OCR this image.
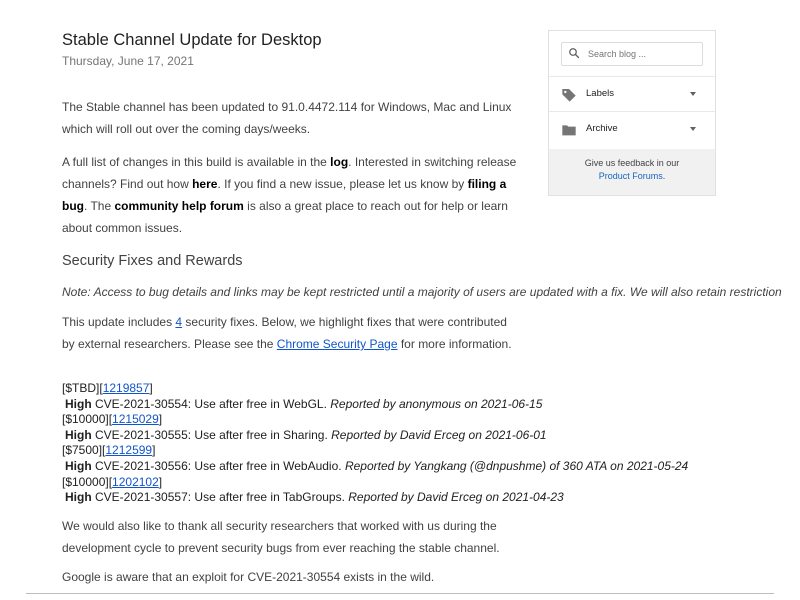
Stable Channel Update for Desktop
Thursday, June 17, 2021

The Stable channel has been updated to 91.0.4472.114 for Windows, Mac and Linux
which will roll out over the coming days/weeks.

A full list of changes in this build is available in the log. Interested in switching release
channels? Find out how here. If you find a new issue, please let us know by filing a
bug. The community help forum is also a great place to reach out for help or learn
about common issues.

Security Fixes and Rewards
Note: Access to bug details and links may be kept restricted until a majority of users are updated with a fix. We will also retain restriction

This update includes 4 security fixes. Below, we highlight fixes that were contributed
by external researchers. Please see the Chrome Security Page for more information.

[$TBD][1219857]
High CVE-2021-30554: Use after free in WebGL. Reported by anonymous on 2021-06-15
[$10000][1215029]
High CVE-2021-30555: Use after free in Sharing. Reported by David Erceg on 2021-06-01
[$7500][1212599]
High CVE-2021-30556: Use after free in WebAudio. Reported by Yangkang (@dnpushme) of 360 ATA on 2021-05-24
[$10000][1202102]
High CVE-2021-30557: Use after free in TabGroups. Reported by David Erceg on 2021-04-23

We would also like to thank all security researchers that worked with us during the
development cycle to prevent security bugs from ever reaching the stable channel.

Google is aware that an exploit for CVE-2021-30554 exists in the wild.

Search blog ...
Labels
Archive
Give us feedback in our
Product Forums.
